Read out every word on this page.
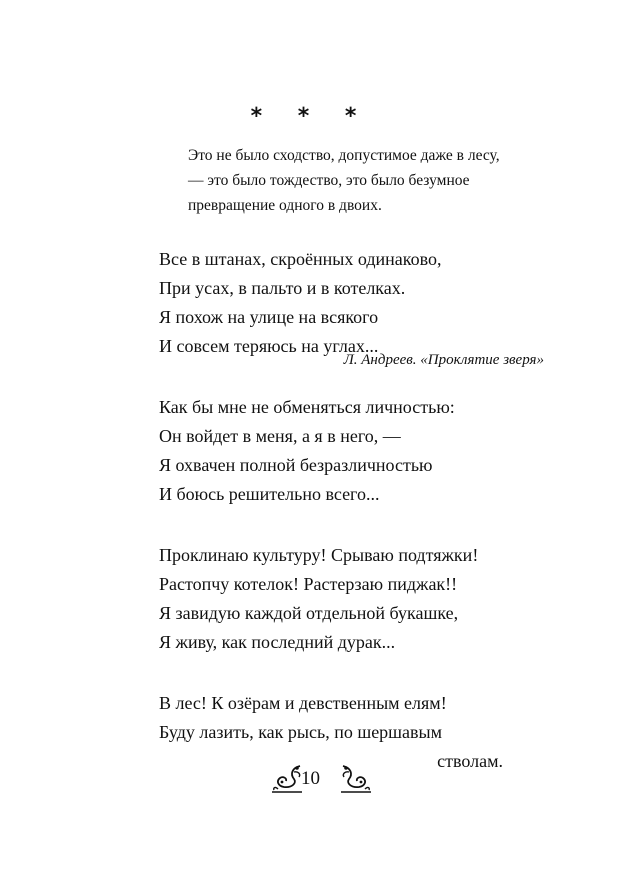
* * *
Это не было сходство, допустимое даже в лесу,
— это было тождество, это было безумное
превращение одного в двоих.
Л. Андреев. «Проклятие зверя»
Все в штанах, скроённых одинаково,
При усах, в пальто и в котелках.
Я похож на улице на всякого
И совсем теряюсь на углах...
Как бы мне не обменяться личностью:
Он войдет в меня, а я в него, —
Я охвачен полной безразличностью
И боюсь решительно всего...
Проклинаю культуру! Срываю подтяжки!
Растопчу котелок! Растерзаю пиджак!!
Я завидую каждой отдельной букашке,
Я живу, как последний дурак...
В лес! К озёрам и девственным елям!
Буду лазить, как рысь, по шершавым
стволам.
10
